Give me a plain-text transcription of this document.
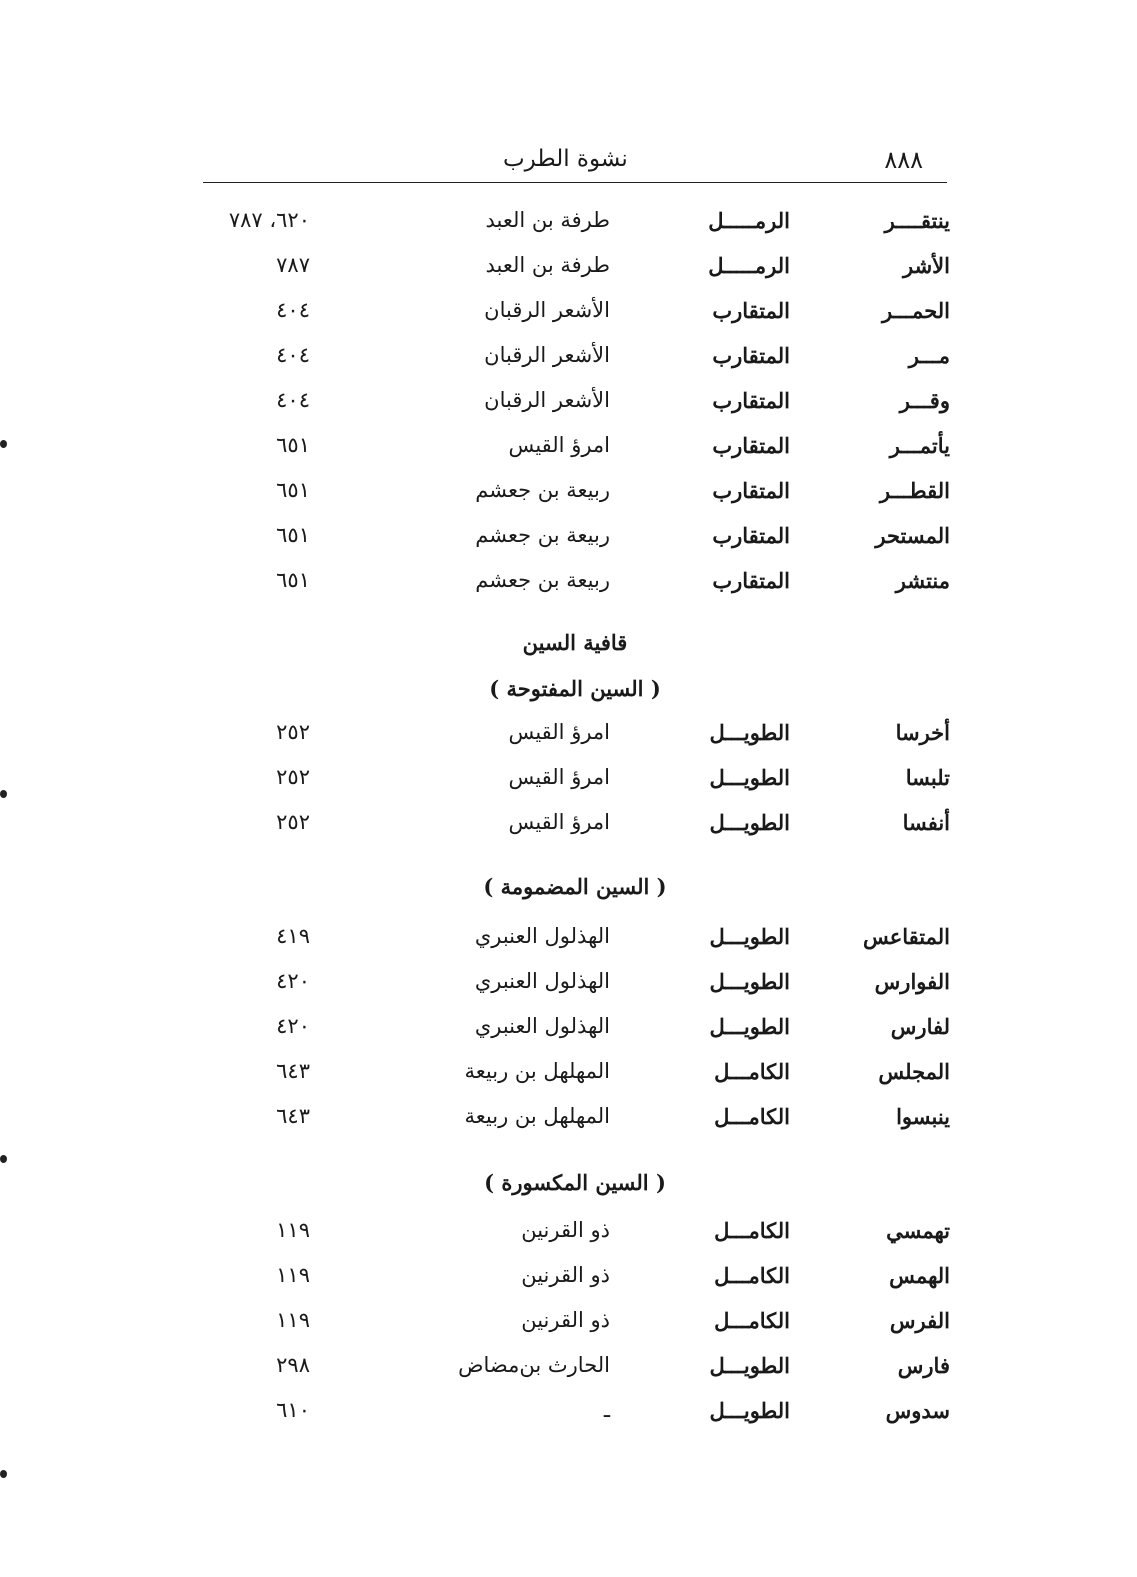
٨٨٨
نشوة الطرب
ينتقــــر
الرمـــــل
طرفة بن العبد
٦٢٠، ٧٨٧
الأشر
الرمـــــل
طرفة بن العبد
٧٨٧
الحمـــر
المتقارب
الأشعر الرقبان
٤٠٤
مـــر
المتقارب
الأشعر الرقبان
٤٠٤
وقـــر
المتقارب
الأشعر الرقبان
٤٠٤
يأتمـــر
المتقارب
امرؤ القيس
٦٥١
القطـــر
المتقارب
ربيعة بن جعشم
٦٥١
المستحر
المتقارب
ربيعة بن جعشم
٦٥١
منتشر
المتقارب
ربيعة بن جعشم
٦٥١
قافية السين
( السين المفتوحة )
أخرسا
الطويـــل
امرؤ القيس
٢٥٢
تلبسا
الطويـــل
امرؤ القيس
٢٥٢
أنفسا
الطويـــل
امرؤ القيس
٢٥٢
( السين المضمومة )
المتقاعس
الطويـــل
الهذلول العنبري
٤١٩
الفوارس
الطويـــل
الهذلول العنبري
٤٢٠
لفارس
الطويـــل
الهذلول العنبري
٤٢٠
المجلس
الكامـــل
المهلهل بن ربيعة
٦٤٣
ينبسوا
الكامـــل
المهلهل بن ربيعة
٦٤٣
( السين المكسورة )
تهمسي
الكامـــل
ذو القرنين
١١٩
الهمس
الكامـــل
ذو القرنين
١١٩
الفرس
الكامـــل
ذو القرنين
١١٩
فارس
الطويـــل
الحارث بن‌مضاض
٢٩٨
سدوس
الطويـــل
ـ
٦١٠
